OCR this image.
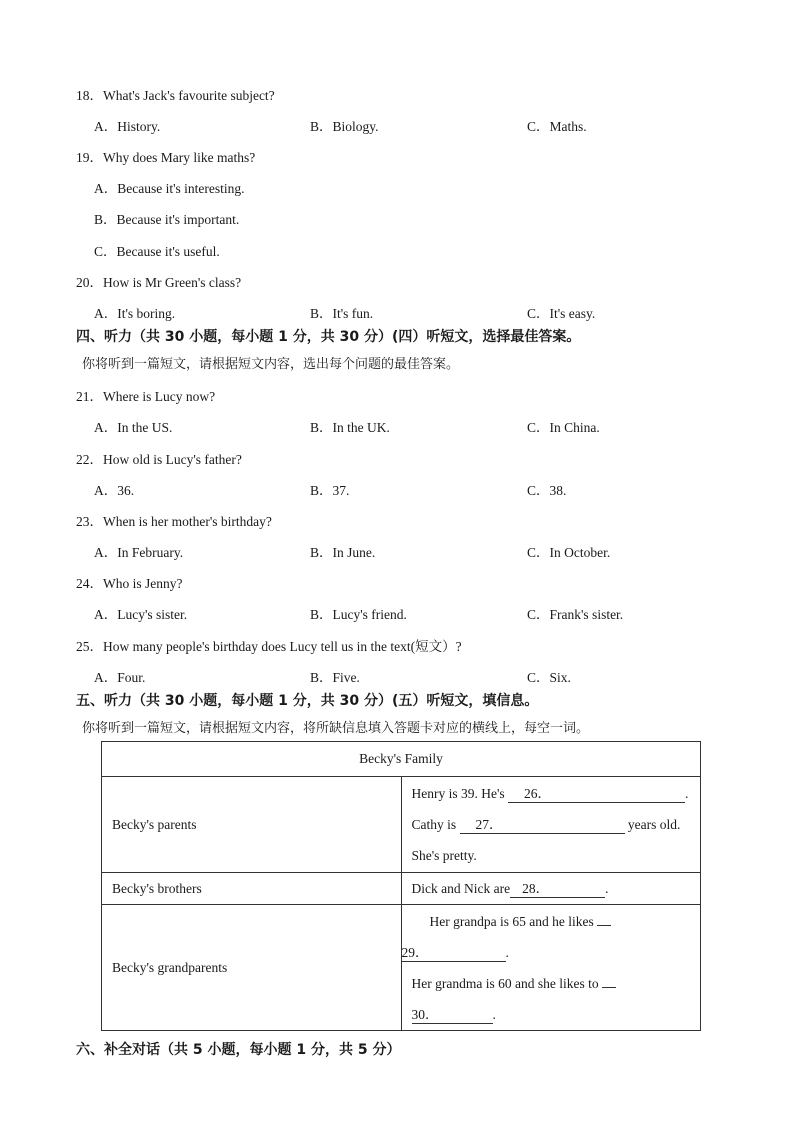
18．What's Jack's favourite subject?
A．History.	B．Biology.	C．Maths.
19．Why does Mary like maths?
A．Because it's interesting.
B．Because it's important.
C．Because it's useful.
20．How is Mr Green's class?
A．It's boring.	B．It's fun.	C．It's easy.
四、听力（共 30 小题，每小题 1 分，共 30 分）(四）听短文，选择最佳答案。
你将听到一篇短文，请根据短文内容，选出每个问题的最佳答案。
21．Where is Lucy now?
A．In the US.	B．In the UK.	C．In China.
22．How old is Lucy's father?
A．36.	B．37.	C．38.
23．When is her mother's birthday?
A．In February.	B．In June.	C．In October.
24．Who is Jenny?
A．Lucy's sister.	B．Lucy's friend.	C．Frank's sister.
25．How many people's birthday does Lucy tell us in the text(短文）?
A．Four.	B．Five.	C．Six.
五、听力（共 30 小题，每小题 1 分，共 30 分）(五）听短文，填信息。
你将听到一篇短文，请根据短文内容，将所缺信息填入答题卡对应的横线上，每空一词。
Becky's Family	
Becky's parents	Henry is 39. He's 26． .
Cathy is 27． years old.
She's pretty.

Becky's brothers	Dick and Nick are 28． .

Becky's grandparents	Her grandpa is 65 and he likes
29． .
Her grandma is 60 and she likes to
30． .
六、补全对话（共 5 小题，每小题 1 分，共 5 分）
